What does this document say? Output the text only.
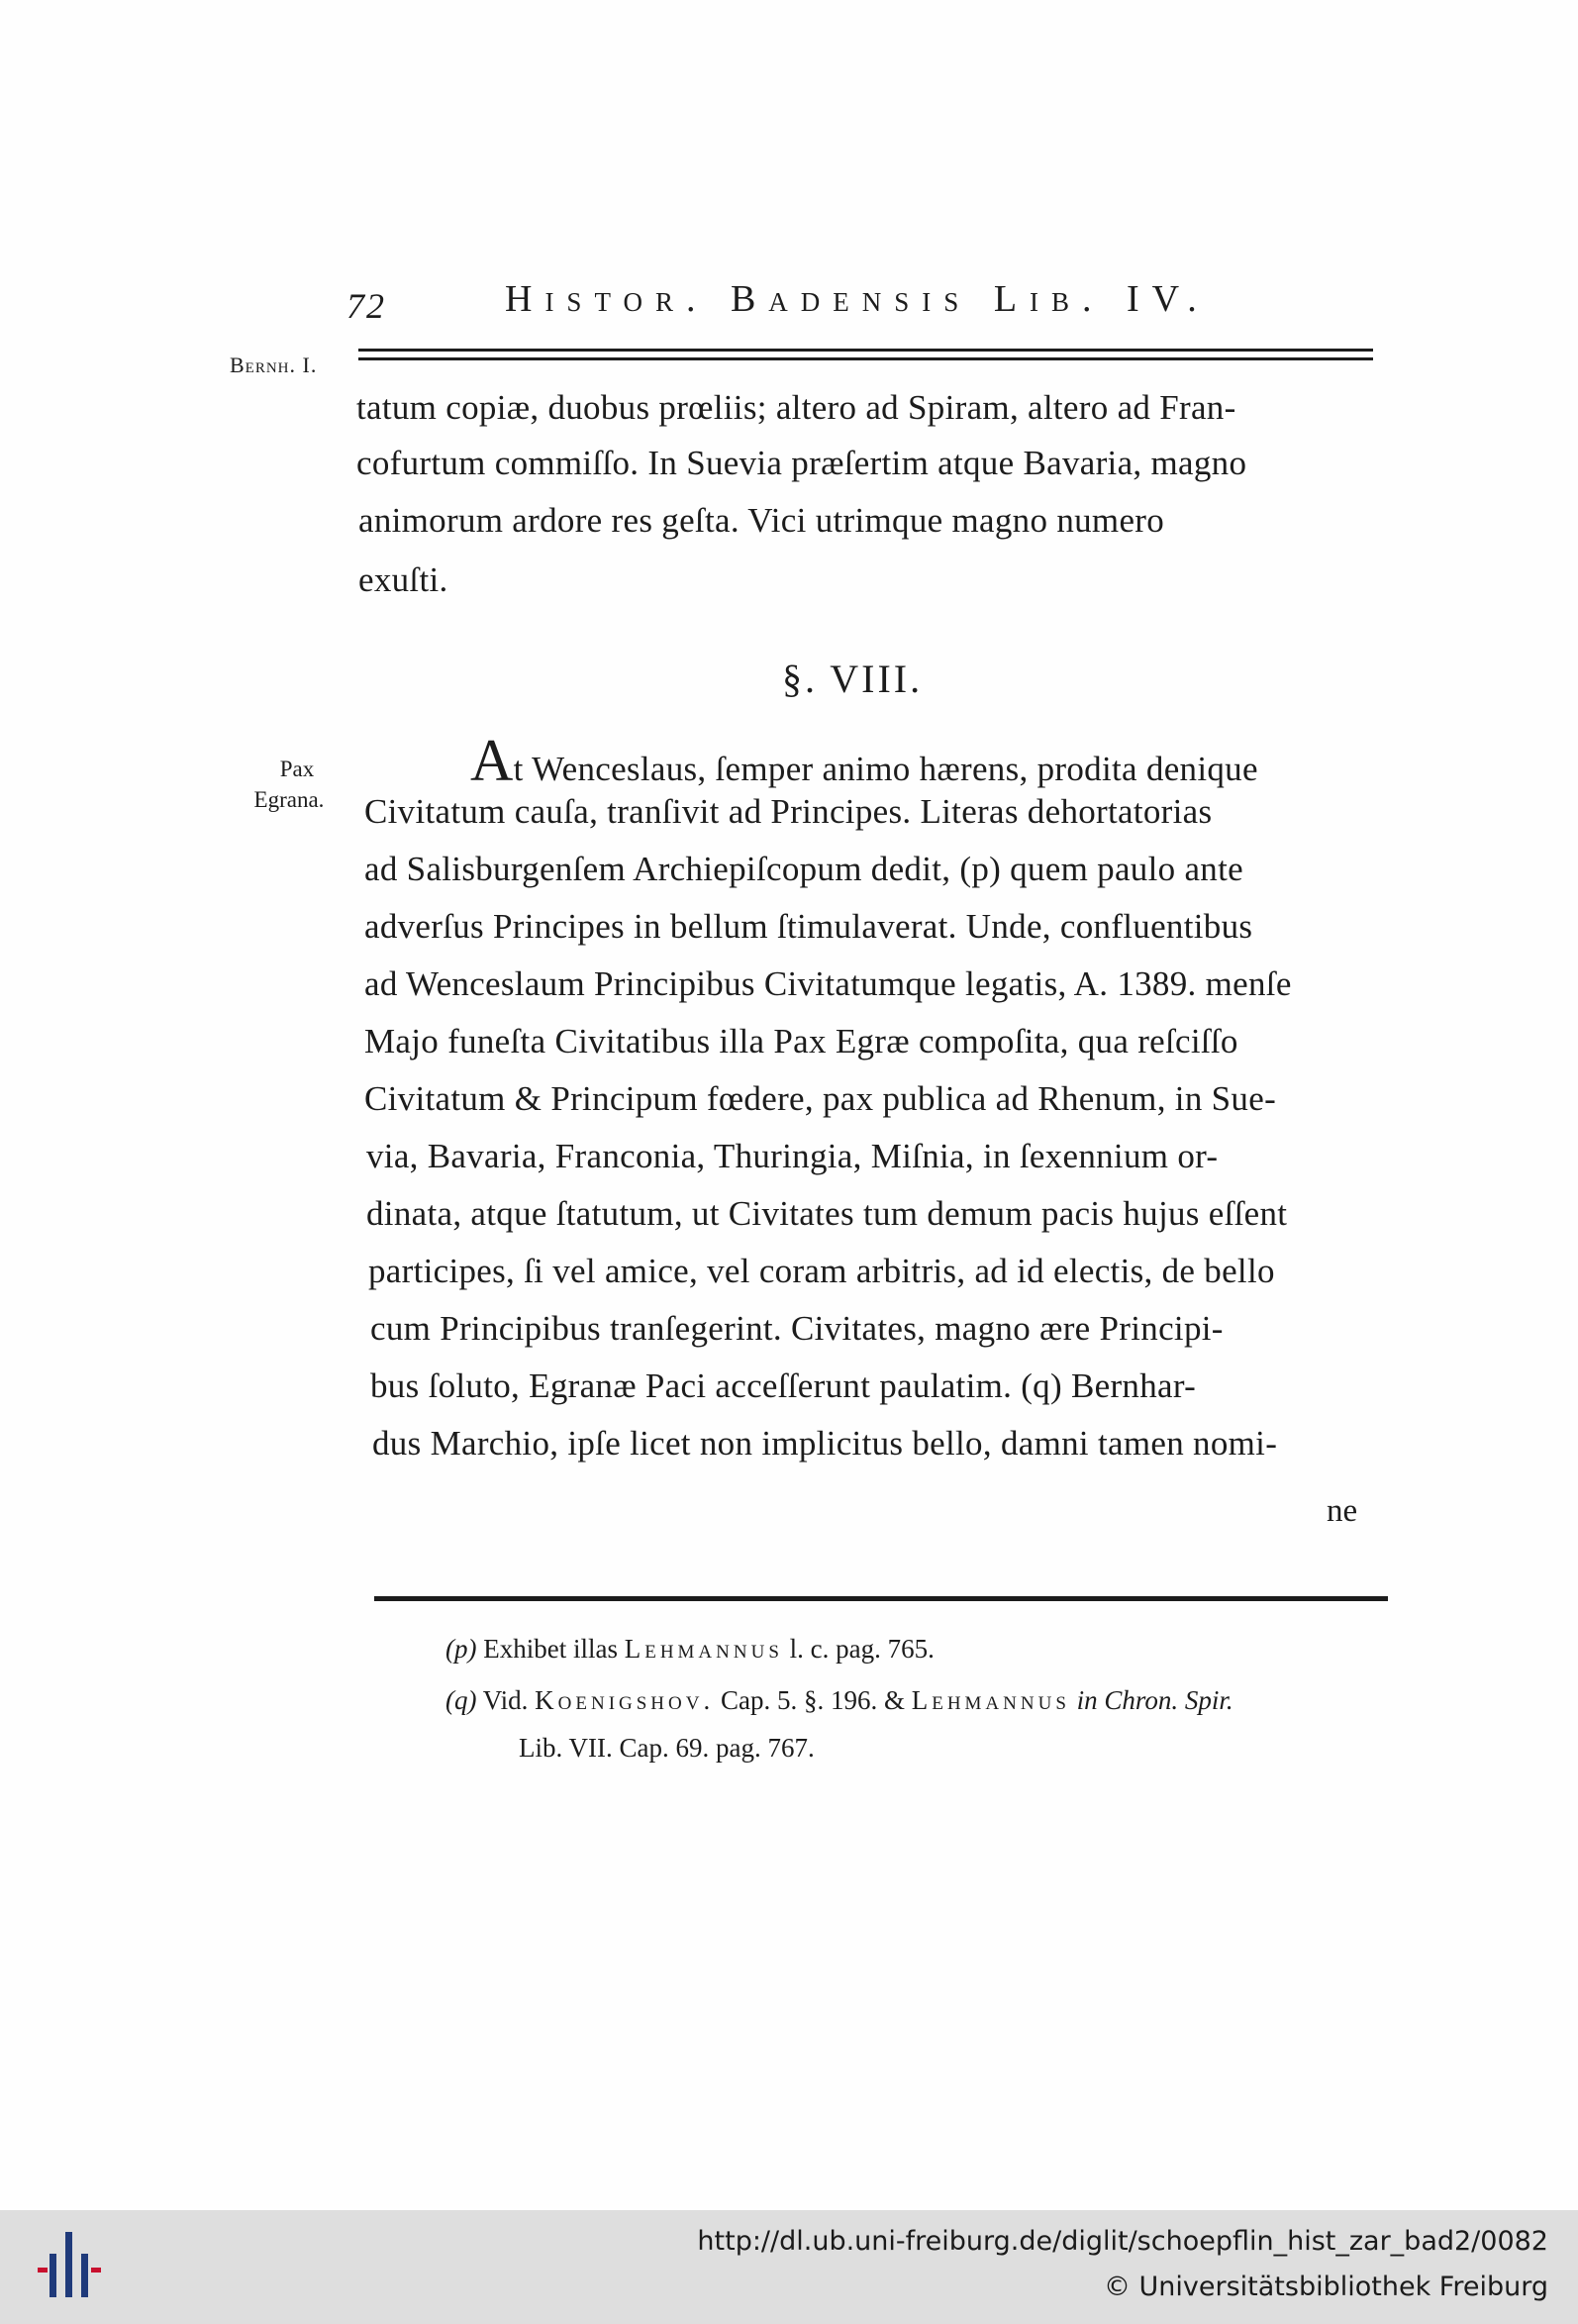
72	Histor. Badensis Lib. IV.
Bernh. I.
tatum copiæ, duobus prœliis; altero ad Spiram, altero ad Fran-
cofurtum commiſſo. In Suevia præſertim atque Bavaria, magno
animorum ardore res geſta. Vici utrimque magno numero
exuſti.
§. VIII.
Pax
Egrana.
At Wenceslaus, ſemper animo hærens, prodita denique
Civitatum cauſa, tranſivit ad Principes. Literas dehortatorias
ad Salisburgenſem Archiepiſcopum dedit, (p) quem paulo ante
adverſus Principes in bellum ſtimulaverat. Unde, confluentibus
ad Wenceslaum Principibus Civitatumque legatis, A. 1389. menſe
Majo funeſta Civitatibus illa Pax Egræ compoſita, qua reſciſſo
Civitatum & Principum fœdere, pax publica ad Rhenum, in Sue-
via, Bavaria, Franconia, Thuringia, Miſnia, in ſexennium or-
dinata, atque ſtatutum, ut Civitates tum demum pacis hujus eſſent
participes, ſi vel amice, vel coram arbitris, ad id electis, de bello
cum Principibus tranſegerint. Civitates, magno ære Principi-
bus ſoluto, Egranæ Paci acceſſerunt paulatim. (q) Bernhar-
dus Marchio, ipſe licet non implicitus bello, damni tamen nomi-
ne
(p) Exhibet illas Lehmannus l. c. pag. 765.
(q) Vid. Koenigshov. Cap. 5. §. 196. & Lehmannus in Chron. Spir.
Lib. VII. Cap. 69. pag. 767.
http://dl.ub.uni-freiburg.de/diglit/schoepflin_hist_zar_bad2/0082
© Universitätsbibliothek Freiburg
